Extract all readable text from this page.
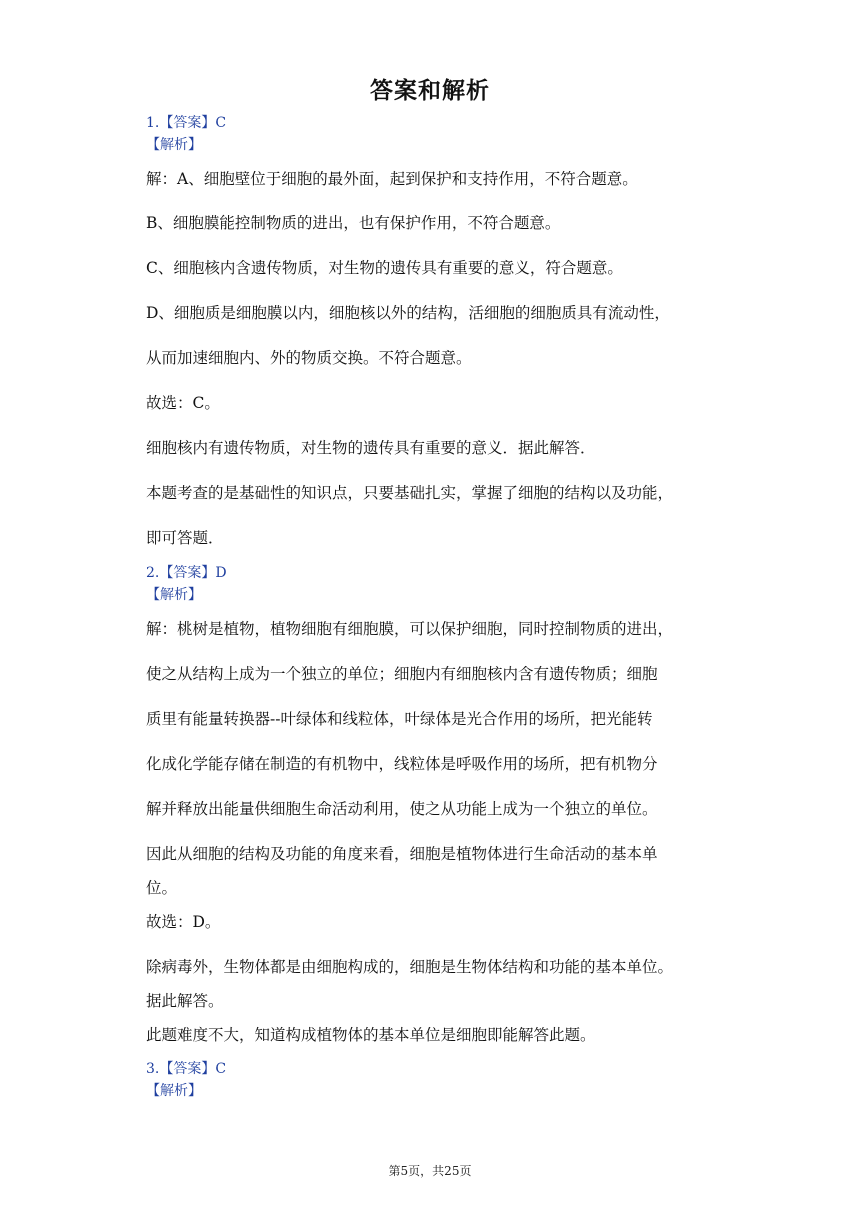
答案和解析
1.【答案】C
【解析】
解：A、细胞壁位于细胞的最外面，起到保护和支持作用，不符合题意。
B、细胞膜能控制物质的进出，也有保护作用，不符合题意。
C、细胞核内含遗传物质，对生物的遗传具有重要的意义，符合题意。
D、细胞质是细胞膜以内，细胞核以外的结构，活细胞的细胞质具有流动性，
从而加速细胞内、外的物质交换。不符合题意。
故选：C。
细胞核内有遗传物质，对生物的遗传具有重要的意义．据此解答．
本题考查的是基础性的知识点，只要基础扎实，掌握了细胞的结构以及功能，
即可答题．
2.【答案】D
【解析】
解：桃树是植物，植物细胞有细胞膜，可以保护细胞，同时控制物质的进出，
使之从结构上成为一个独立的单位；细胞内有细胞核内含有遗传物质；细胞
质里有能量转换器--叶绿体和线粒体，叶绿体是光合作用的场所，把光能转
化成化学能存储在制造的有机物中，线粒体是呼吸作用的场所，把有机物分
解并释放出能量供细胞生命活动利用，使之从功能上成为一个独立的单位。
因此从细胞的结构及功能的角度来看，细胞是植物体进行生命活动的基本单
位。
故选：D。
除病毒外，生物体都是由细胞构成的，细胞是生物体结构和功能的基本单位。
据此解答。
此题难度不大，知道构成植物体的基本单位是细胞即能解答此题。
3.【答案】C
【解析】
第5页，共25页
